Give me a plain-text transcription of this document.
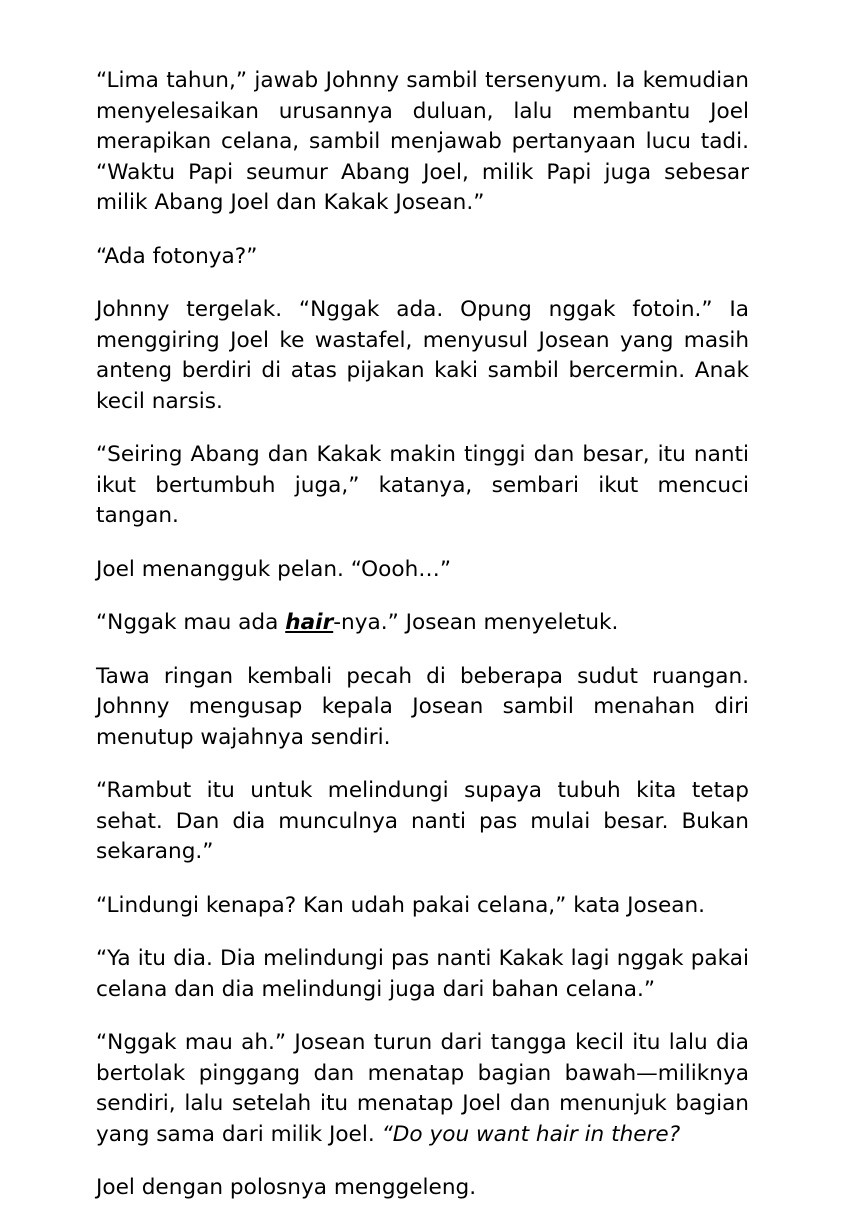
“Lima tahun,” jawab Johnny sambil tersenyum. Ia kemudian menyelesaikan urusannya duluan, lalu membantu Joel merapikan celana, sambil menjawab pertanyaan lucu tadi. “Waktu Papi seumur Abang Joel, milik Papi juga sebesar milik Abang Joel dan Kakak Josean.”

“Ada fotonya?”

Johnny tergelak. “Nggak ada. Opung nggak fotoin.” Ia menggiring Joel ke wastafel, menyusul Josean yang masih anteng berdiri di atas pijakan kaki sambil bercermin. Anak kecil narsis.

“Seiring Abang dan Kakak makin tinggi dan besar, itu nanti ikut bertumbuh juga,” katanya, sembari ikut mencuci tangan.

Joel menangguk pelan. “Oooh…”

“Nggak mau ada hair-nya.” Josean menyeletuk.

Tawa ringan kembali pecah di beberapa sudut ruangan. Johnny mengusap kepala Josean sambil menahan diri menutup wajahnya sendiri.

“Rambut itu untuk melindungi supaya tubuh kita tetap sehat. Dan dia munculnya nanti pas mulai besar. Bukan sekarang.”

“Lindungi kenapa? Kan udah pakai celana,” kata Josean.

“Ya itu dia. Dia melindungi pas nanti Kakak lagi nggak pakai celana dan dia melindungi juga dari bahan celana.”

“Nggak mau ah.” Josean turun dari tangga kecil itu lalu dia bertolak pinggang dan menatap bagian bawah—miliknya sendiri, lalu setelah itu menatap Joel dan menunjuk bagian yang sama dari milik Joel. “Do you want hair in there?

Joel dengan polosnya menggeleng.
